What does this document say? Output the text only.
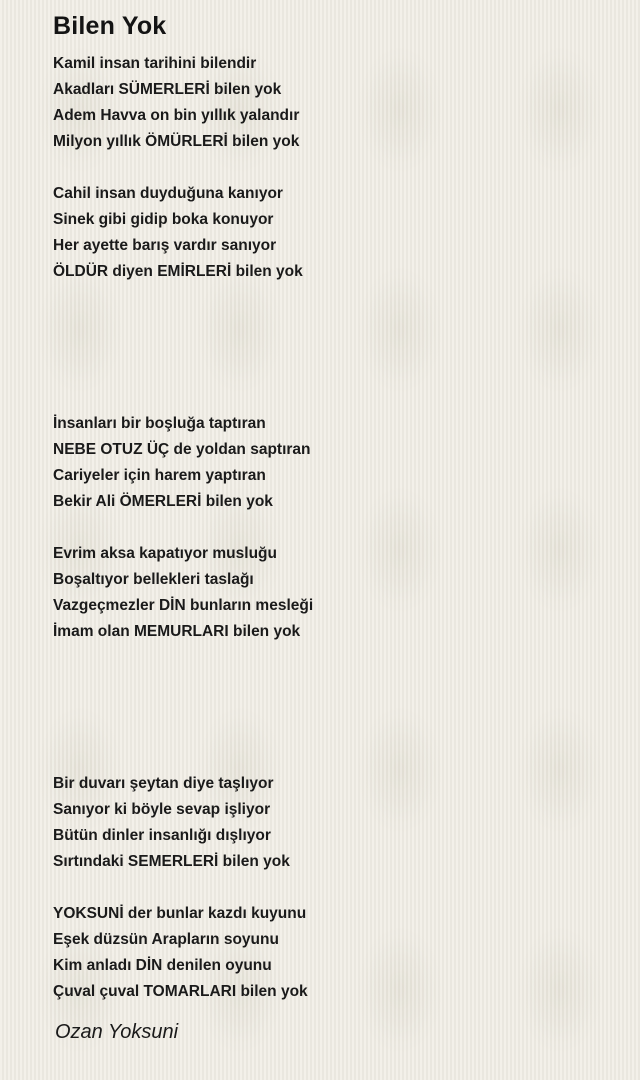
Bilen Yok
Kamil insan tarihini bilendir
Akadları SÜMERLERİ bilen yok
Adem Havva on bin yıllık yalandır
Milyon yıllık ÖMÜRLERİ bilen yok
Cahil insan duyduğuna kanıyor
Sinek gibi gidip boka konuyor
Her ayette barış vardır sanıyor
ÖLDÜR diyen EMİRLERİ bilen yok
İnsanları bir boşluğa taptıran
NEBE OTUZ ÜÇ de yoldan saptıran
Cariyeler için harem yaptıran
Bekir Ali ÖMERLERİ bilen yok
Evrim aksa kapatıyor musluğu
Boşaltıyor bellekleri taslağı
Vazgeçmezler DİN bunların mesleği
İmam olan MEMURLARI bilen yok
Bir duvarı şeytan diye taşlıyor
Sanıyor ki böyle sevap işliyor
Bütün dinler insanlığı dışlıyor
Sırtındaki SEMERLERİ bilen yok
YOKSUNİ der bunlar kazdı kuyunu
Eşek düzsün Arapların soyunu
Kim anladı DİN denilen oyunu
Çuval çuval TOMARLARI bilen yok
Ozan Yoksuni
